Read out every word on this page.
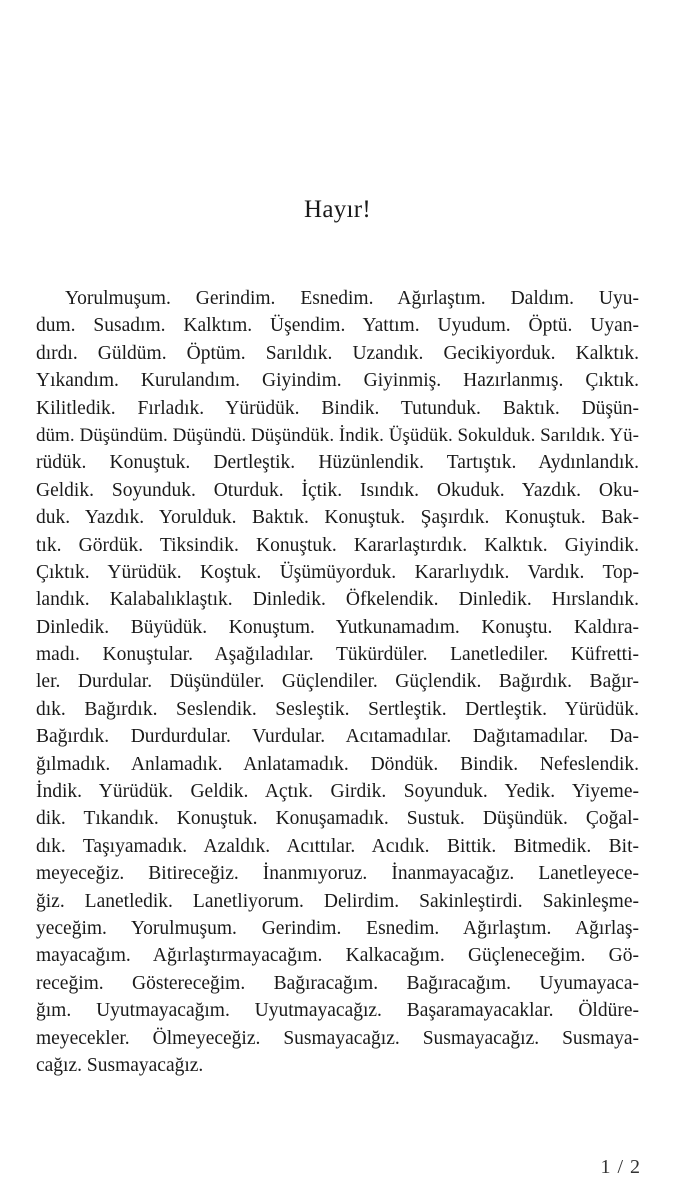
Hayır!
Yorulmuşum. Gerindim. Esnedim. Ağırlaştım. Daldım. Uyu-
dum. Susadım. Kalktım. Üşendim. Yattım. Uyudum. Öptü. Uyan-
dırdı. Güldüm. Öptüm. Sarıldık. Uzandık. Gecikiyorduk. Kalktık.
Yıkandım. Kurulandım. Giyindim. Giyinmiş. Hazırlanmış. Çıktık.
Kilitledik. Fırladık. Yürüdük. Bindik. Tutunduk. Baktık. Düşün-
düm. Düşündüm. Düşündü. Düşündük. İndik. Üşüdük. Sokulduk. Sarıldık. Yü-
rüdük. Konuştuk. Dertleştik. Hüzünlendik. Tartıştık. Aydınlandık.
Geldik. Soyunduk. Oturduk. İçtik. Isındık. Okuduk. Yazdık. Oku-
duk. Yazdık. Yorulduk. Baktık. Konuştuk. Şaşırdık. Konuştuk. Bak-
tık. Gördük. Tiksindik. Konuştuk. Kararlaştırdık. Kalktık. Giyindik.
Çıktık. Yürüdük. Koştuk. Üşümüyorduk. Kararlıydık. Vardık. Top-
landık. Kalabalıklaştık. Dinledik. Öfkelendik. Dinledik. Hırslandık.
Dinledik. Büyüdük. Konuştum. Yutkunamadım. Konuştu. Kaldıra-
madı. Konuştular. Aşağıladılar. Tükürdüler. Lanetlediler. Küfretti-
ler. Durdular. Düşündüler. Güçlendiler. Güçlendik. Bağırdık. Bağır-
dık. Bağırdık. Seslendik. Sesleştik. Sertleştik. Dertleştik. Yürüdük.
Bağırdık. Durdurdular. Vurdular. Acıtamadılar. Dağıtamadılar. Da-
ğılmadık. Anlamadık. Anlatamadık. Döndük. Bindik. Nefeslendik.
İndik. Yürüdük. Geldik. Açtık. Girdik. Soyunduk. Yedik. Yiyeme-
dik. Tıkandık. Konuştuk. Konuşamadık. Sustuk. Düşündük. Çoğal-
dık. Taşıyamadık. Azaldık. Acıttılar. Acıdık. Bittik. Bitmedik. Bit-
meyeceğiz. Bitireceğiz. İnanmıyoruz. İnanmayacağız. Lanetleyece-
ğiz. Lanetledik. Lanetliyorum. Delirdim. Sakinleştirdi. Sakinleşme-
yeceğim. Yorulmuşum. Gerindim. Esnedim. Ağırlaştım. Ağırlaş-
mayacağım. Ağırlaştırmayacağım. Kalkacağım. Güçleneceğim. Gö-
receğim. Göstereceğim. Bağıracağım. Bağıracağım. Uyumayaca-
ğım. Uyutmayacağım. Uyutmayacağız. Başaramayacaklar. Öldüre-
meyecekler. Ölmeyeceğiz. Susmayacağız. Susmayacağız. Susmaya-
cağız. Susmayacağız.
1 / 2
